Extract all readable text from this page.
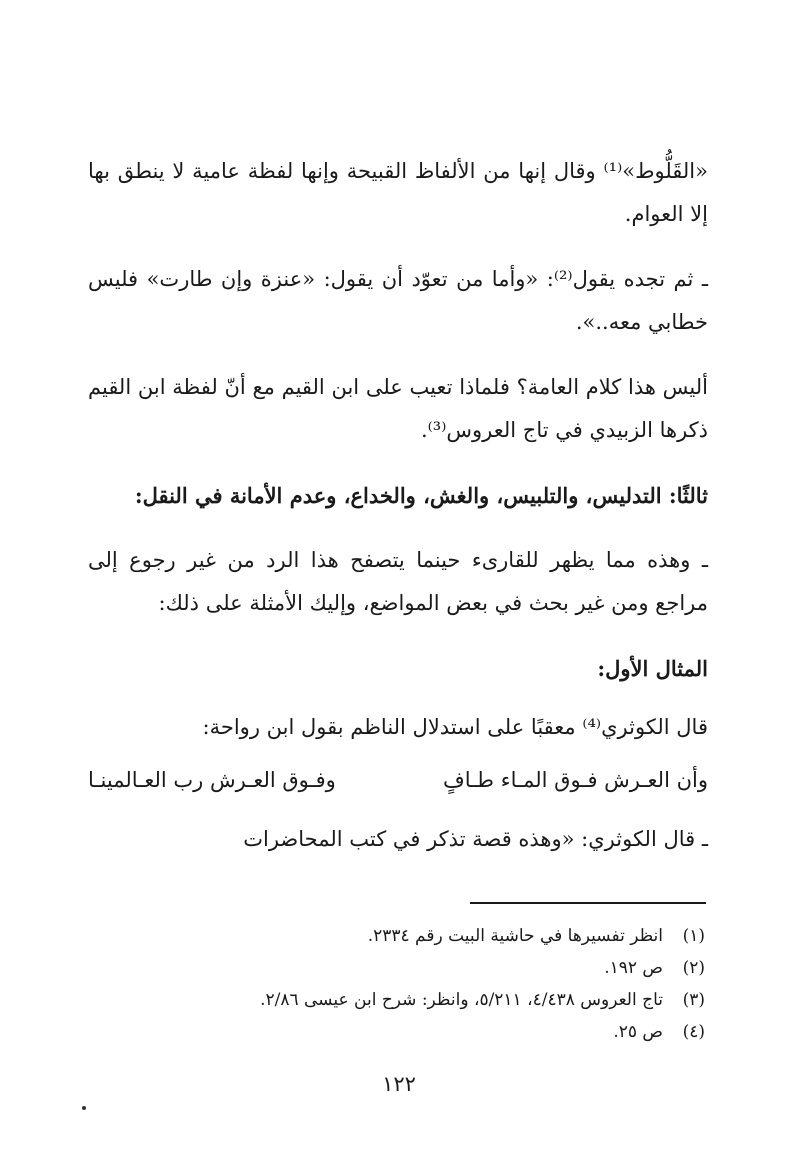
«القَلُّوط»⁽¹⁾ وقال إنها من الألفاظ القبيحة وإنها لفظة عامية لا ينطق بها إلا العوام.

ـ ثم تجده يقول⁽²⁾: «وأما من تعوّد أن يقول: «عنزة وإن طارت» فليس خطابي معه..».

أليس هذا كلام العامة؟ فلماذا تعيب على ابن القيم مع أنّ لفظة ابن القيم ذكرها الزبيدي في تاج العروس⁽³⁾.

ثالثًا: التدليس، والتلبيس، والغش، والخداع، وعدم الأمانة في النقل:

ـ وهذه مما يظهر للقارىء حينما يتصفح هذا الرد من غير رجوع إلى مراجع ومن غير بحث في بعض المواضع، وإليك الأمثلة على ذلك:

المثال الأول:

قال الكوثري⁽⁴⁾ معقبًا على استدلال الناظم بقول ابن رواحة:

وأن العـرش فـوق المـاء طـافٍ
وفـوق العـرش رب العـالمينـا

ـ قال الكوثري: «وهذه قصة تذكر في كتب المحاضرات

(١)
انظر تفسيرها في حاشية البيت رقم ٢٣٣٤.
(٢)
ص ١٩٢.
(٣)
تاج العروس ٤/٤٣٨، ٥/٢١١، وانظر: شرح ابن عيسى ٢/٨٦.
(٤)
ص ٢٥.
١٢٢
